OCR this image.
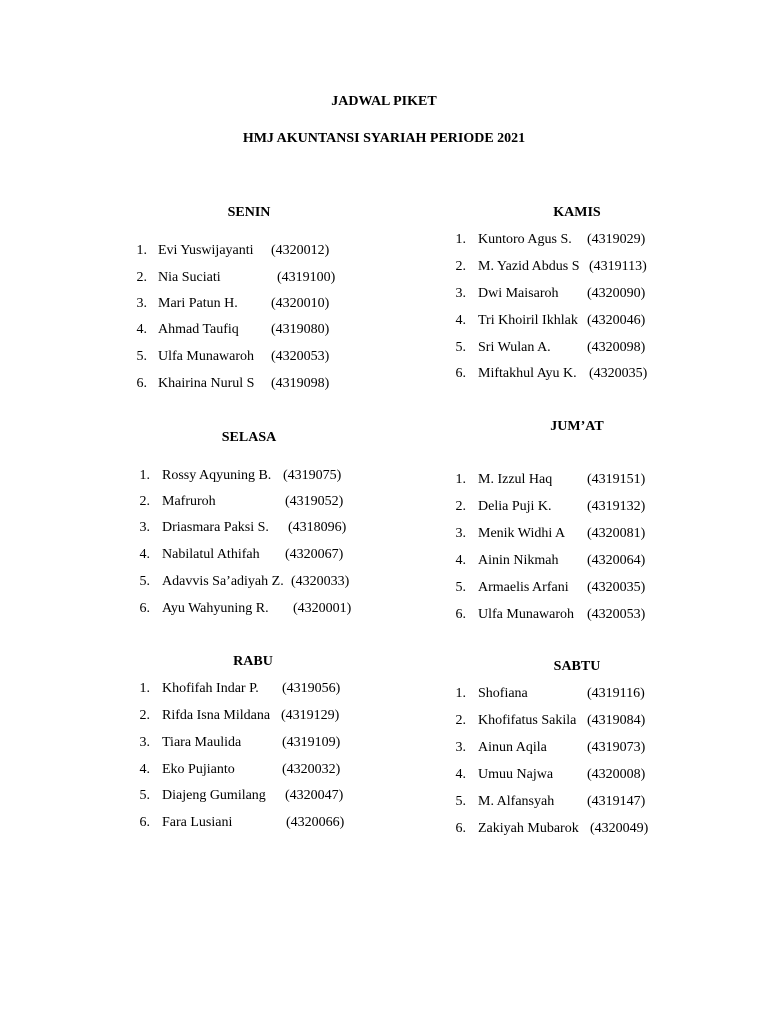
JADWAL PIKET
HMJ AKUNTANSI SYARIAH PERIODE 2021
SENIN
1. Evi Yuswijayanti (4320012)
2. Nia Suciati	(4319100)
3. Mari Patun H. (4320010)
4. Ahmad Taufiq (4319080)
5. Ulfa Munawaroh (4320053)
6. Khairina Nurul S (4319098)
SELASA
1. Rossy Aqyuning B. (4319075)
2. Mafruroh	(4319052)
3. Driasmara Paksi S. (4318096)
4. Nabilatul Athifah (4320067)
5. Adavvis Sa’adiyah Z. (4320033)
6. Ayu Wahyuning R. (4320001)
RABU
1. Khofifah Indar P. (4319056)
2. Rifda Isna Mildana (4319129)
3. Tiara Maulida	(4319109)
4. Eko Pujianto	(4320032)
5. Diajeng Gumilang (4320047)
6. Fara Lusiani	(4320066)
KAMIS
1. Kuntoro Agus S. (4319029)
2. M. Yazid Abdus S (4319113)
3. Dwi Maisaroh (4320090)
4. Tri Khoiril Ikhlak (4320046)
5. Sri Wulan A.	(4320098)
6. Miftakhul Ayu K. (4320035)
JUM’AT
1. M. Izzul Haq (4319151)
2. Delia Puji K.	(4319132)
3. Menik Widhi A (4320081)
4. Ainin Nikmah (4320064)
5. Armaelis Arfani (4320035)
6. Ulfa Munawaroh (4320053)
SABTU
1. Shofiana	(4319116)
2. Khofifatus Sakila (4319084)
3. Ainun Aqila	(4319073)
4. Umuu Najwa (4320008)
5. M. Alfansyah (4319147)
6. Zakiyah Mubarok (4320049)
